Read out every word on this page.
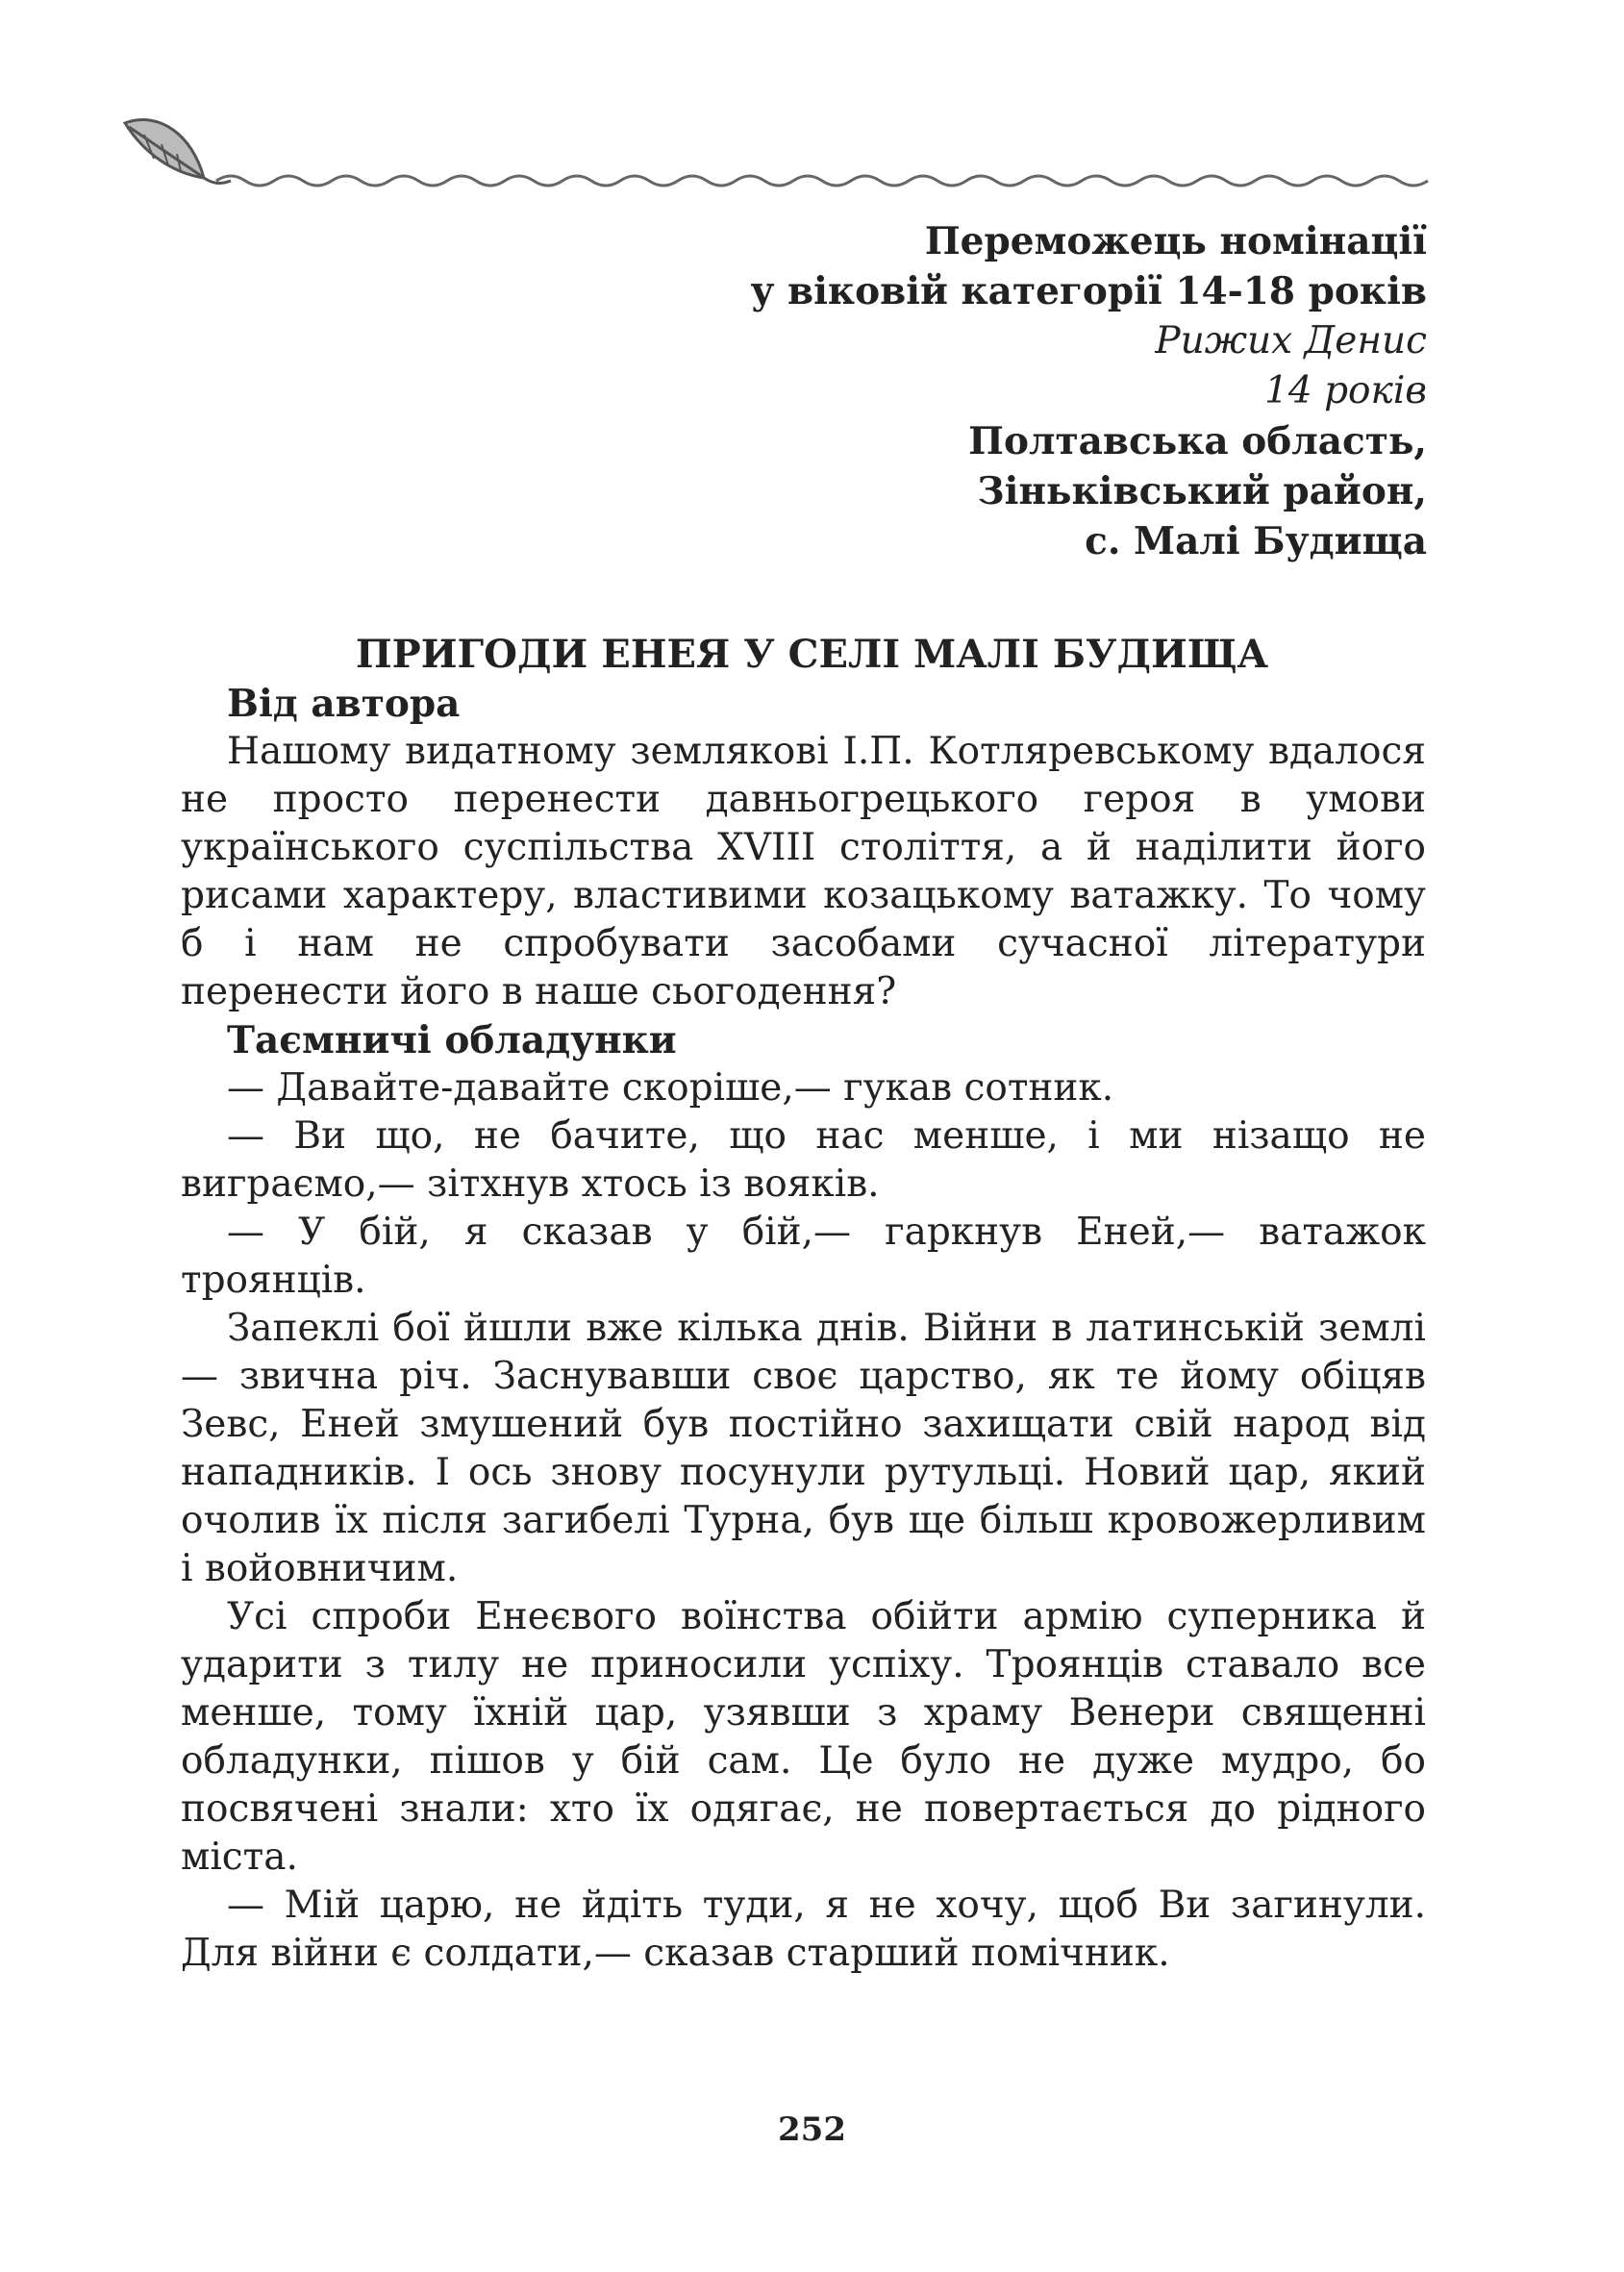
Переможець номінації
у віковій категорії 14-18 років
Рижих Денис
14 років
Полтавська область,
Зіньківський район,
с. Малі Будища
ПРИГОДИ ЕНЕЯ У СЕЛІ МАЛІ БУДИЩА
Від автора

Нашому видатному землякові І.П. Котляревському вдалося не просто перенести давньогрецького героя в умови українського суспільства XVIII століття, а й наділити його рисами характеру, властивими козацькому ватажку. То чому б і нам не спробувати засобами сучасної літератури перенести його в наше сьогодення?

Таємничі обладунки

— Давайте-давайте скоріше,— гукав сотник.

— Ви що, не бачите, що нас менше, і ми нізащо не виграємо,— зітхнув хтось із вояків.

— У бій, я сказав у бій,— гаркнув Еней,— ватажок троянців.

Запеклі бої йшли вже кілька днів. Війни в латинській землі— звична річ. Заснувавши своє царство, як те йому обіцяв Зевс, Еней змушений був постійно захищати свій народ від нападників. І ось знову посунули рутульці. Новий цар, який очолив їх після загибелі Турна, був ще більш кровожерливим і войовничим.

Усі спроби Енеєвого воїнства обійти армію суперника й ударити з тилу не приносили успіху. Троянців ставало все менше, тому їхній цар, узявши з храму Венери священні обладунки, пішов у бій сам. Це було не дуже мудро, бо посвячені знали: хто їх одягає, не повертається до рідного міста.

— Мій царю, не йдіть туди, я не хочу, щоб Ви загинули. Для війни є солдати,— сказав старший помічник.

252
